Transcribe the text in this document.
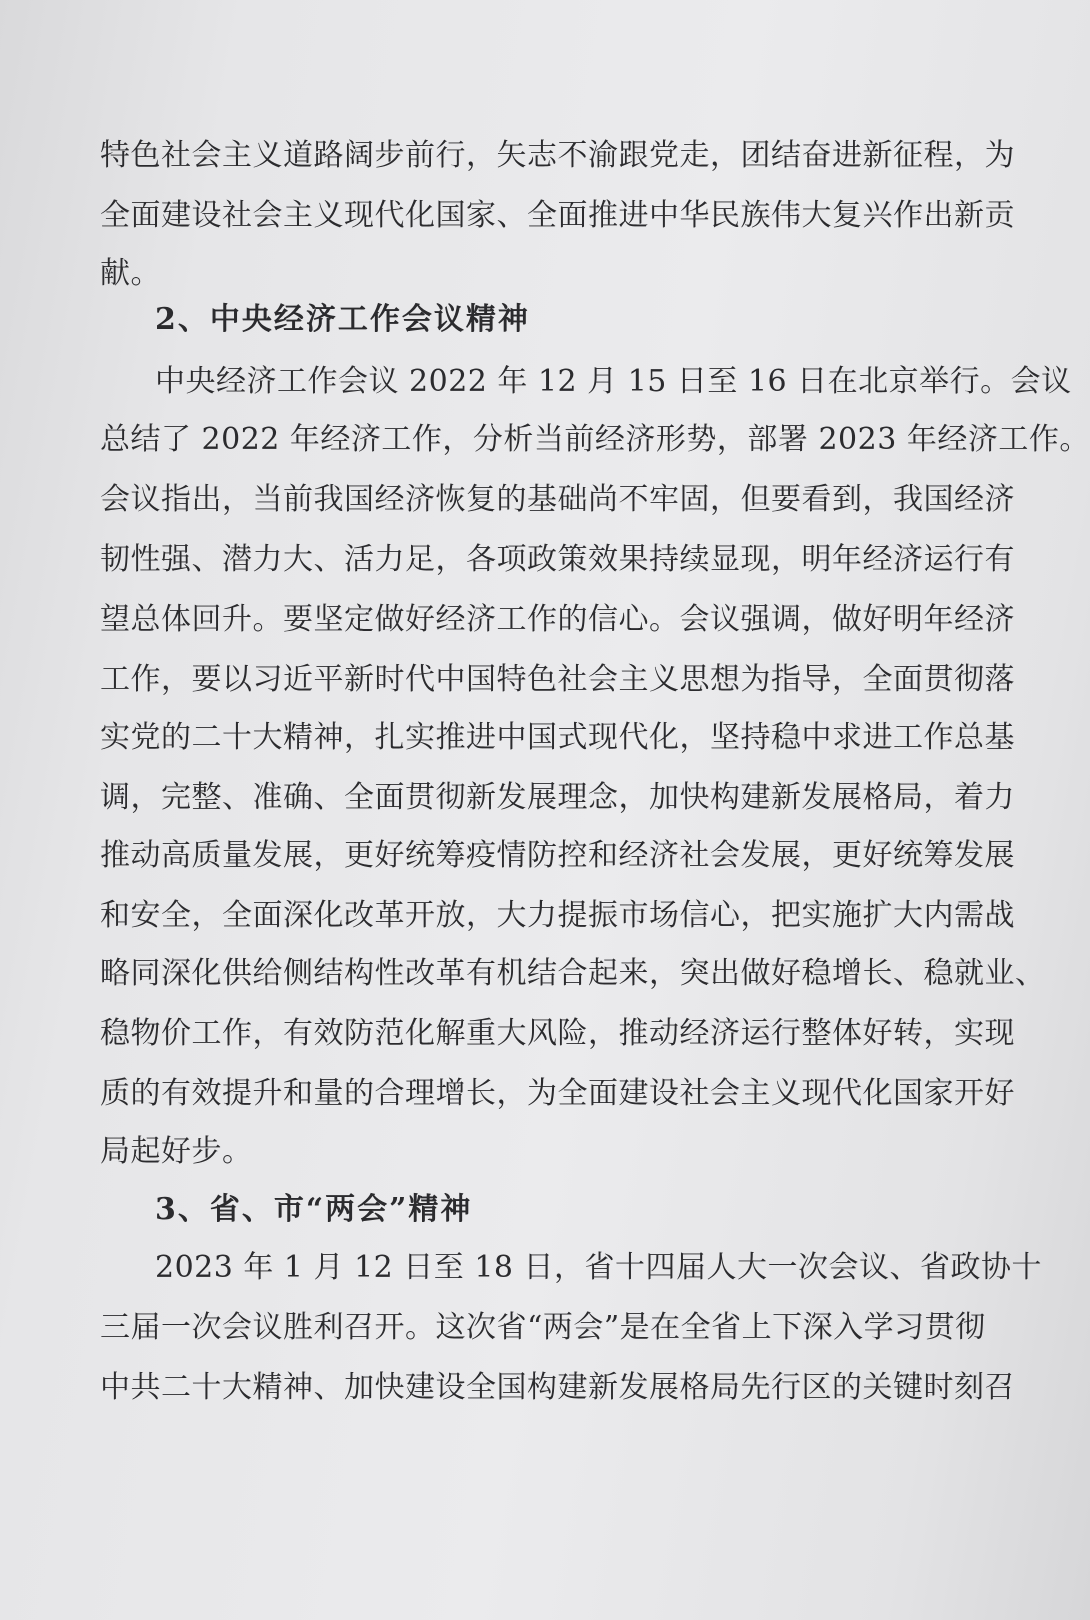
特色社会主义道路阔步前行，矢志不渝跟党走，团结奋进新征程，为
全面建设社会主义现代化国家、全面推进中华民族伟大复兴作出新贡
献。
2、中央经济工作会议精神
中央经济工作会议 2022 年 12 月 15 日至 16 日在北京举行。会议
总结了 2022 年经济工作，分析当前经济形势，部署 2023 年经济工作。
会议指出，当前我国经济恢复的基础尚不牢固，但要看到，我国经济
韧性强、潜力大、活力足，各项政策效果持续显现，明年经济运行有
望总体回升。要坚定做好经济工作的信心。会议强调，做好明年经济
工作，要以习近平新时代中国特色社会主义思想为指导，全面贯彻落
实党的二十大精神，扎实推进中国式现代化，坚持稳中求进工作总基
调，完整、准确、全面贯彻新发展理念，加快构建新发展格局，着力
推动高质量发展，更好统筹疫情防控和经济社会发展，更好统筹发展
和安全，全面深化改革开放，大力提振市场信心，把实施扩大内需战
略同深化供给侧结构性改革有机结合起来，突出做好稳增长、稳就业、
稳物价工作，有效防范化解重大风险，推动经济运行整体好转，实现
质的有效提升和量的合理增长，为全面建设社会主义现代化国家开好
局起好步。
3、省、市“两会”精神
2023 年 1 月 12 日至 18 日，省十四届人大一次会议、省政协十
三届一次会议胜利召开。这次省“两会”是在全省上下深入学习贯彻
中共二十大精神、加快建设全国构建新发展格局先行区的关键时刻召
